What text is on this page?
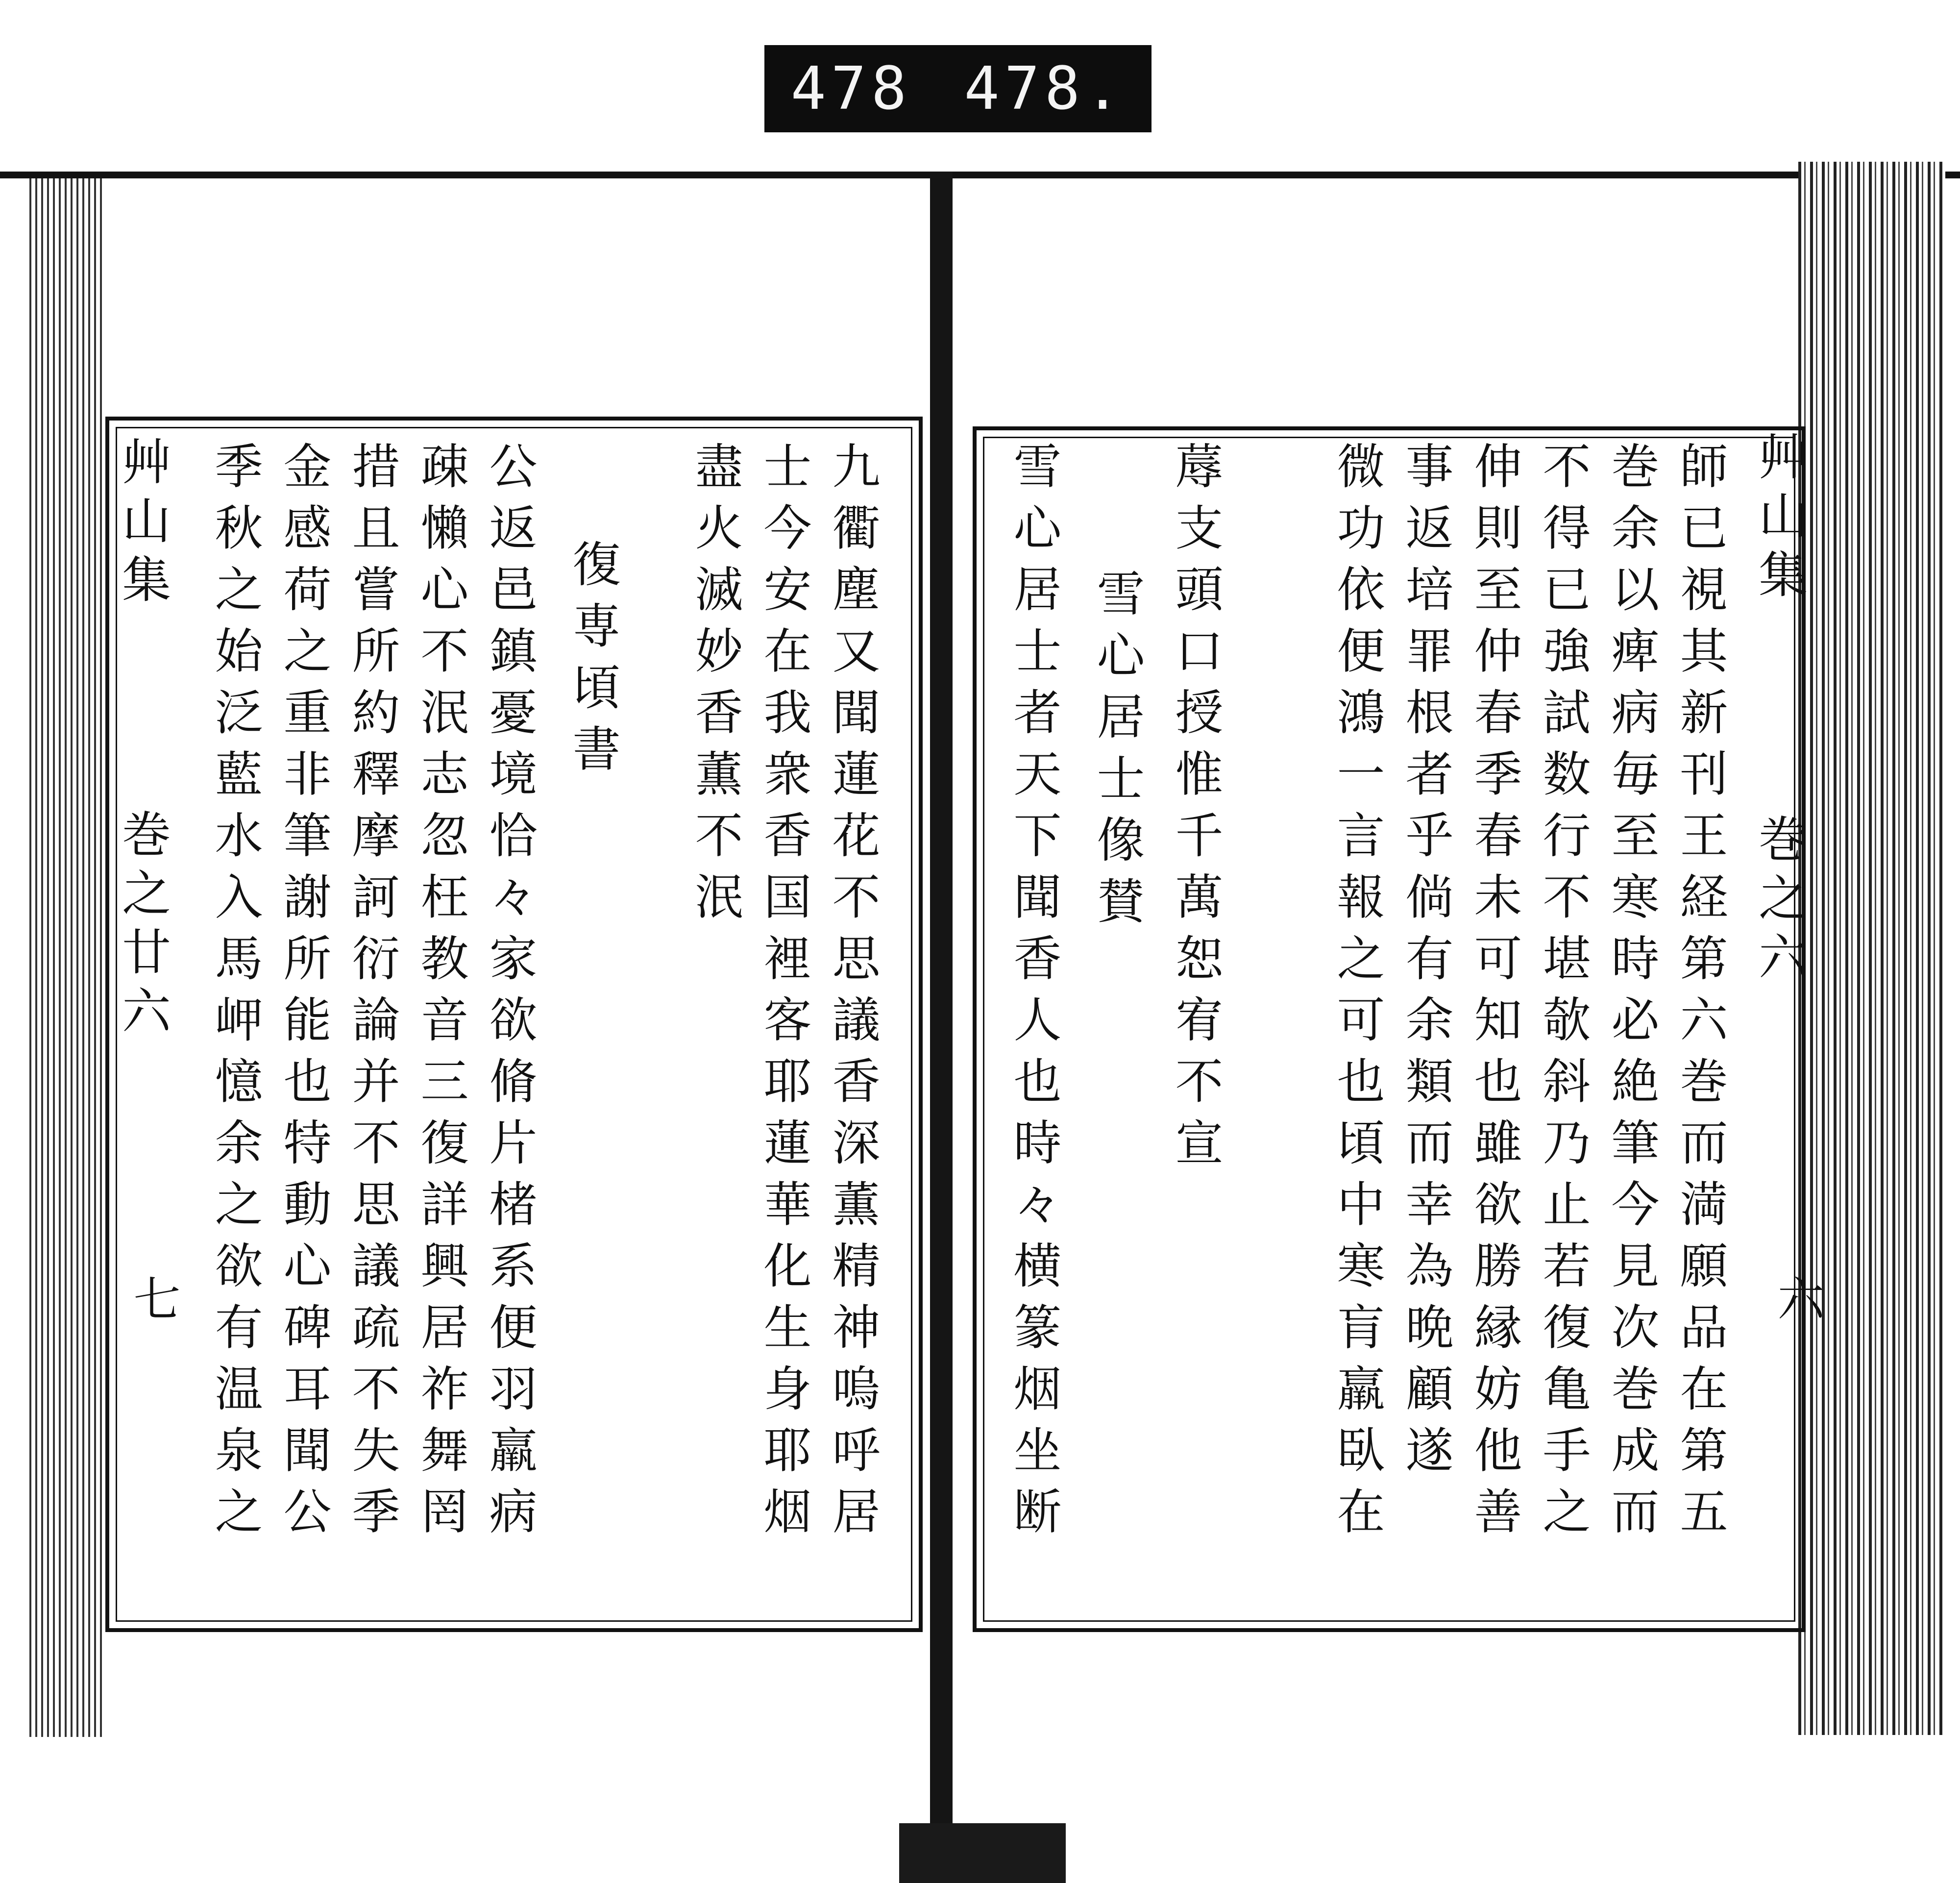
478 478.
艸山集
巻之六
六
師已視其新刊王経第六巻而満願品在第五
巻余以痺病毎至寒時必絶筆今見次巻成而
不得已強試数行不堪欹斜乃止若復亀手之
伸則至仲春季春未可知也雖欲勝縁妨他善
事返培罪根者乎倘有余類而幸為晩顧遂
微功依便鴻一言報之可也頃中寒肓羸臥在
蓐支頭口授惟千萬恕宥不宣
雪心居士像賛
雪心居士者天下聞香人也時々横篆烟坐断
九衢塵又聞蓮花不思議香深薫精神嗚呼居
士今安在我衆香国裡客耶蓮華化生身耶烟
盡火滅妙香薫不泯
復専頃書
公返邑鎮憂境恰々家欲脩片楮系便羽羸病
疎懶心不泯志忽枉教音三復詳興居祚舞罔
措且嘗所約釋摩訶衍論并不思議疏不失季
金感荷之重非筆謝所能也特動心碑耳聞公
季秋之始泛藍水入馬岬憶余之欲有温泉之
艸山集
巻之廿六
七
